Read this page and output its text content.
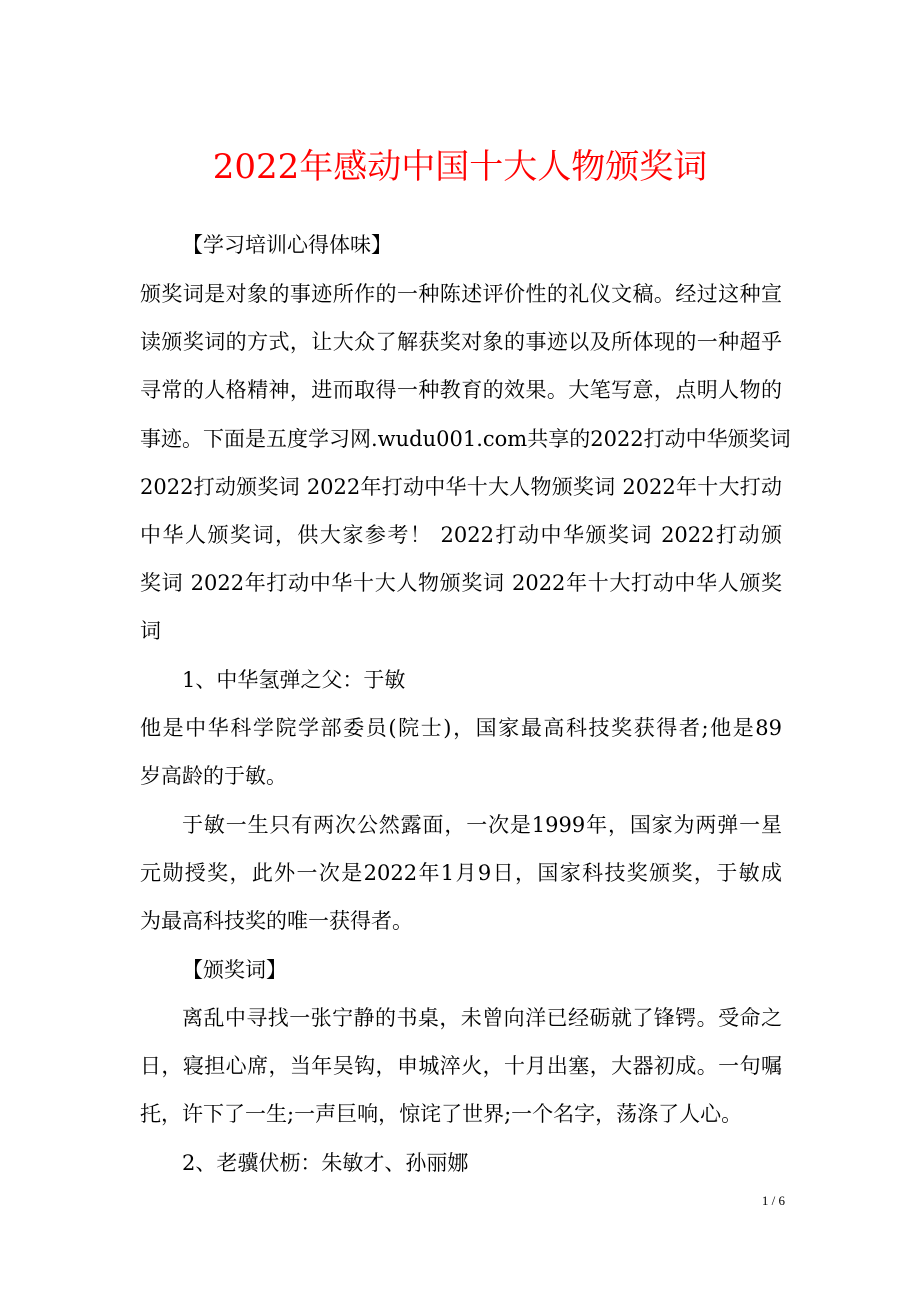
2022年感动中国十大人物颁奖词

【学习培训心得体味】

颁奖词是对象的事迹所作的一种陈述评价性的礼仪文稿。经过这种宣

读颁奖词的方式，让大众了解获奖对象的事迹以及所体现的一种超乎

寻常的人格精神，进而取得一种教育的效果。大笔写意，点明人物的

事迹。下面是五度学习网.wudu001.com共享的2022打动中华颁奖词

2022打动颁奖词 2022年打动中华十大人物颁奖词 2022年十大打动

中华人颁奖词，供大家参考！ 2022打动中华颁奖词 2022打动颁

奖词 2022年打动中华十大人物颁奖词 2022年十大打动中华人颁奖

词

1、中华氢弹之父：于敏

他是中华科学院学部委员(院士)，国家最高科技奖获得者;他是89

岁高龄的于敏。

于敏一生只有两次公然露面，一次是1999年，国家为两弹一星

元勋授奖，此外一次是2022年1月9日，国家科技奖颁奖，于敏成

为最高科技奖的唯一获得者。

【颁奖词】

离乱中寻找一张宁静的书桌，未曾向洋已经砺就了锋锷。受命之

日，寝担心席，当年吴钩，申城淬火，十月出塞，大器初成。一句嘱

托，许下了一生;一声巨响，惊诧了世界;一个名字，荡涤了人心。

2、老骥伏枥：朱敏才、孙丽娜

1 / 6
